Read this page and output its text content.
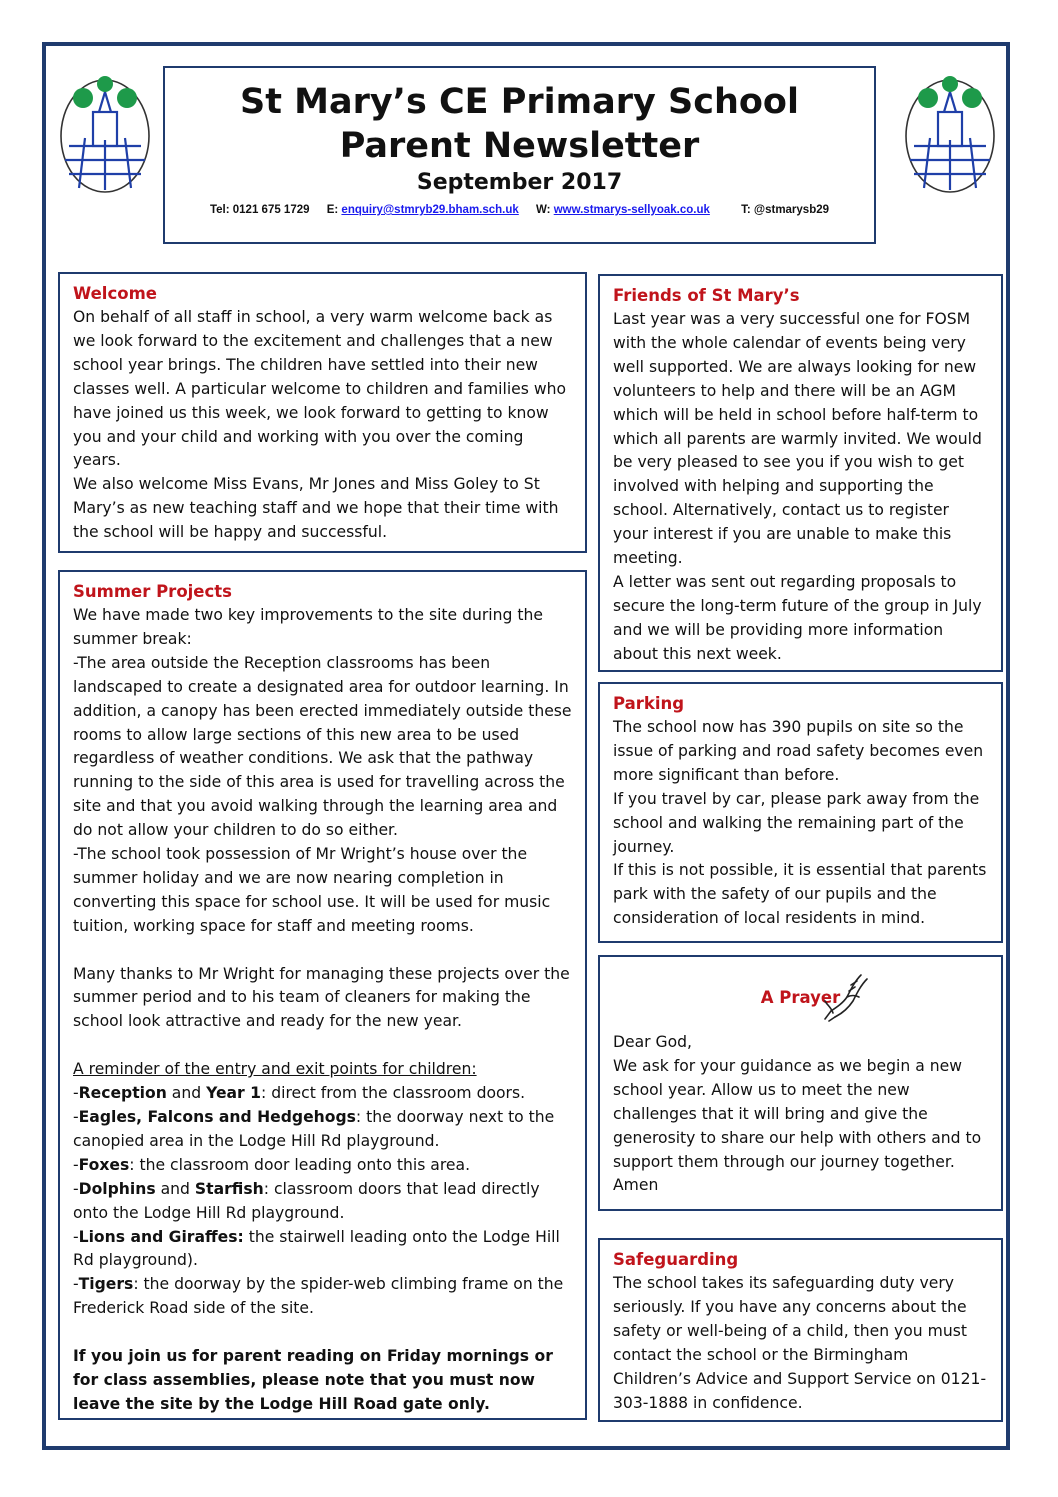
St Mary’s CE Primary School
Parent Newsletter
September 2017
Tel: 0121 675 1729 E: enquiry@stmryb29.bham.sch.uk W: www.stmarys-sellyoak.co.uk	T: @stmarysb29
Welcome

On behalf of all staff in school, a very warm welcome back as we look forward to the excitement and challenges that a new school year brings. The children have settled into their new classes well. A particular welcome to children and families who have joined us this week, we look forward to getting to know you and your child and working with you over the coming years.

We also welcome Miss Evans, Mr Jones and Miss Goley to St Mary’s as new teaching staff and we hope that their time with the school will be happy and successful.

Summer Projects

We have made two key improvements to the site during the summer break:

-The area outside the Reception classrooms has been landscaped to create a designated area for outdoor learning. In addition, a canopy has been erected immediately outside these rooms to allow large sections of this new area to be used regardless of weather conditions. We ask that the pathway running to the side of this area is used for travelling across the site and that you avoid walking through the learning area and do not allow your children to do so either.

-The school took possession of Mr Wright’s house over the summer holiday and we are now nearing completion in converting this space for school use. It will be used for music tuition, working space for staff and meeting rooms.

Many thanks to Mr Wright for managing these projects over the summer period and to his team of cleaners for making the school look attractive and ready for the new year.

A reminder of the entry and exit points for children:

-Reception and Year 1: direct from the classroom doors.

-Eagles, Falcons and Hedgehogs: the doorway next to the canopied area in the Lodge Hill Rd playground.

-Foxes: the classroom door leading onto this area.

-Dolphins and Starfish: classroom doors that lead directly onto the Lodge Hill Rd playground.

-Lions and Giraffes: the stairwell leading onto the Lodge Hill Rd playground).

-Tigers: the doorway by the spider-web climbing frame on the Frederick Road side of the site.

If you join us for parent reading on Friday mornings or for class assemblies, please note that you must now leave the site by the Lodge Hill Road gate only.

Friends of St Mary’s

Last year was a very successful one for FOSM with the whole calendar of events being very well supported. We are always looking for new volunteers to help and there will be an AGM which will be held in school before half-term to which all parents are warmly invited. We would be very pleased to see you if you wish to get involved with helping and supporting the school. Alternatively, contact us to register your interest if you are unable to make this meeting.

A letter was sent out regarding proposals to secure the long-term future of the group in July and we will be providing more information about this next week.

Parking

The school now has 390 pupils on site so the issue of parking and road safety becomes even more significant than before.

If you travel by car, please park away from the school and walking the remaining part of the journey.

If this is not possible, it is essential that parents park with the safety of our pupils and the consideration of local residents in mind.

A Prayer

Dear God,

We ask for your guidance as we begin a new school year. Allow us to meet the new challenges that it will bring and give the generosity to share our help with others and to support them through our journey together.

Amen

Safeguarding

The school takes its safeguarding duty very seriously. If you have any concerns about the safety or well-being of a child, then you must contact the school or the Birmingham Children’s Advice and Support Service on 0121-303-1888 in confidence.
